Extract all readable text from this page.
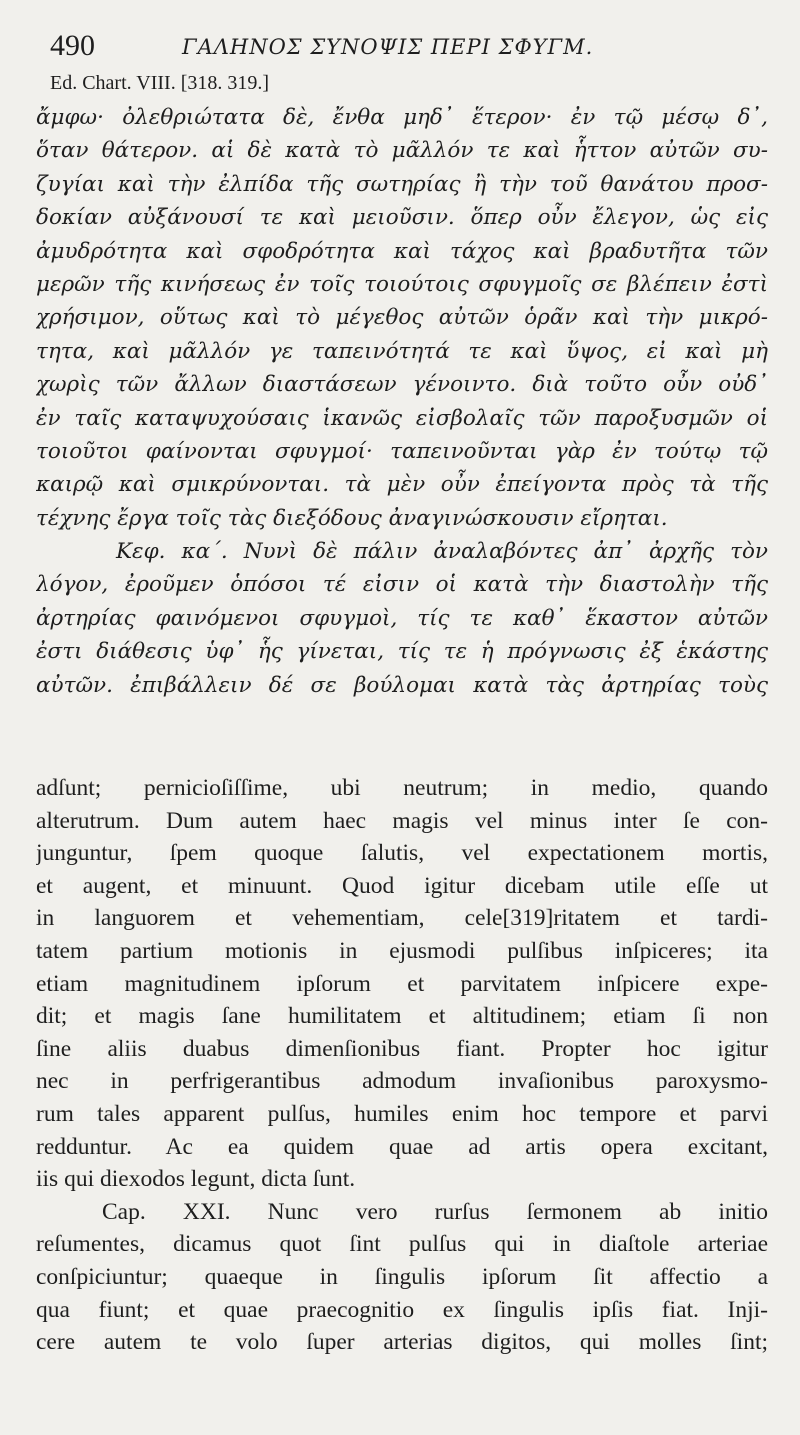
490	ΓΑΛΗΝΟΣ ΣΥΝΟΨΙΣ ΠΕΡΙ ΣΦΥΓΜ.
Ed. Chart. VIII. [318. 319.]
ἄμφω· ὀλεθριώτατα δὲ, ἔνθα μηδ᾽ ἕτερον· ἐν τῷ μέσῳ δ᾽,
ὅταν θάτερον. αἱ δὲ κατὰ τὸ μᾶλλόν τε καὶ ἧττον αὐτῶν συ-
ζυγίαι καὶ τὴν ἐλπίδα τῆς σωτηρίας ἢ τὴν τοῦ θανάτου προσ-
δοκίαν αὐξάνουσί τε καὶ μειοῦσιν. ὅπερ οὖν ἔλεγον, ὡς εἰς
ἀμυδρότητα καὶ σφοδρότητα καὶ τάχος καὶ βραδυτῆτα τῶν
μερῶν τῆς κινήσεως ἐν τοῖς τοιούτοις σφυγμοῖς σε βλέπειν ἐστὶ
χρήσιμον, οὕτως καὶ τὸ μέγεθος αὐτῶν ὁρᾶν καὶ τὴν μικρό-
τητα, καὶ μᾶλλόν γε ταπεινότητά τε καὶ ὕψος, εἰ καὶ μὴ
χωρὶς τῶν ἄλλων διαστάσεων γένοιντο. διὰ τοῦτο οὖν οὐδ᾽
ἐν ταῖς καταψυχούσαις ἱκανῶς εἰσβολαῖς τῶν παροξυσμῶν οἱ
τοιοῦτοι φαίνονται σφυγμοί· ταπεινοῦνται γὰρ ἐν τούτῳ τῷ
καιρῷ καὶ σμικρύνονται. τὰ μὲν οὖν ἐπείγοντα πρὸς τὰ τῆς
τέχνης ἔργα τοῖς τὰς διεξόδους ἀναγινώσκουσιν εἴρηται.
Κεφ. κα΄. Νυνὶ δὲ πάλιν ἀναλαβόντες ἀπ᾽ ἀρχῆς τὸν
λόγον, ἐροῦμεν ὁπόσοι τέ εἰσιν οἱ κατὰ τὴν διαστολὴν τῆς
ἀρτηρίας φαινόμενοι σφυγμοὶ, τίς τε καθ᾽ ἕκαστον αὐτῶν
ἐστι διάθεσις ὑφ᾽ ἧς γίνεται, τίς τε ἡ πρόγνωσις ἐξ ἑκάστης
αὐτῶν. ἐπιβάλλειν δέ σε βούλομαι κατὰ τὰς ἀρτηρίας τοὺς
adſunt; pernicioſiſſime, ubi neutrum; in medio, quando
alterutrum. Dum autem haec magis vel minus inter ſe con-
junguntur, ſpem quoque ſalutis, vel expectationem mortis,
et augent, et minuunt. Quod igitur dicebam utile eſſe ut
in languorem et vehementiam, cele[319]ritatem et tardi-
tatem partium motionis in ejusmodi pulſibus inſpiceres; ita
etiam magnitudinem ipſorum et parvitatem inſpicere expe-
dit; et magis ſane humilitatem et altitudinem; etiam ſi non
ſine aliis duabus dimenſionibus fiant. Propter hoc igitur
nec in perfrigerantibus admodum invaſionibus paroxysmo-
rum tales apparent pulſus, humiles enim hoc tempore et parvi
redduntur. Ac ea quidem quae ad artis opera excitant,
iis qui diexodos legunt, dicta ſunt.
Cap. XXI. Nunc vero rurſus ſermonem ab initio
reſumentes, dicamus quot ſint pulſus qui in diaſtole arteriae
conſpiciuntur; quaeque in ſingulis ipſorum ſit affectio a
qua fiunt; et quae praecognitio ex ſingulis ipſis fiat. Inji-
cere autem te volo ſuper arterias digitos, qui molles ſint;
